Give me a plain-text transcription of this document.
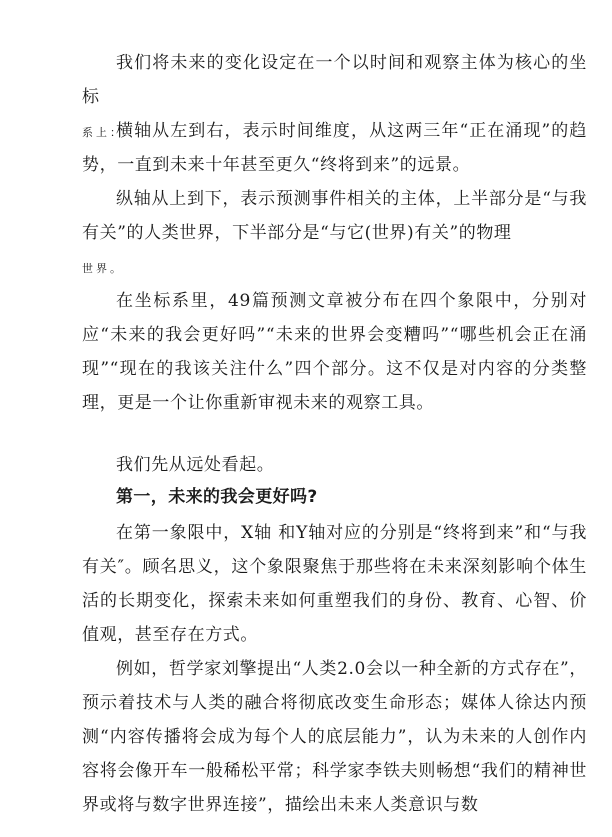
我们将未来的变化设定在一个以时间和观察主体为核心的坐标
系上：

横轴从左到右，表示时间维度，从这两三年“正在涌现”的趋势，一直到未来十年甚至更久“终将到来”的远景。

纵轴从上到下，表示预测事件相关的主体，上半部分是“与我有关”的人类世界，下半部分是“与它(世界)有关”的物理
世界。

在坐标系里，49篇预测文章被分布在四个象限中，分别对应“未来的我会更好吗”“未来的世界会变糟吗”“哪些机会正在涌现”“现在的我该关注什么”四个部分。这不仅是对内容的分类整理，更是一个让你重新审视未来的观察工具。

我们先从远处看起。

第一，未来的我会更好吗?

在第一象限中，X轴 和Y轴对应的分别是“终将到来”和“与我有关″。顾名思义，这个象限聚焦于那些将在未来深刻影响个体生活的长期变化，探索未来如何重塑我们的身份、教育、心智、价值观，甚至存在方式。

例如，哲学家刘擎提出“人类2.0会以一种全新的方式存在”，预示着技术与人类的融合将彻底改变生命形态；媒体人徐达内预测“内容传播将会成为每个人的底层能力”，认为未来的人创作内容将会像开车一般稀松平常；科学家李铁夫则畅想“我们的精神世界或将与数字世界连接”，描绘出未来人类意识与数
